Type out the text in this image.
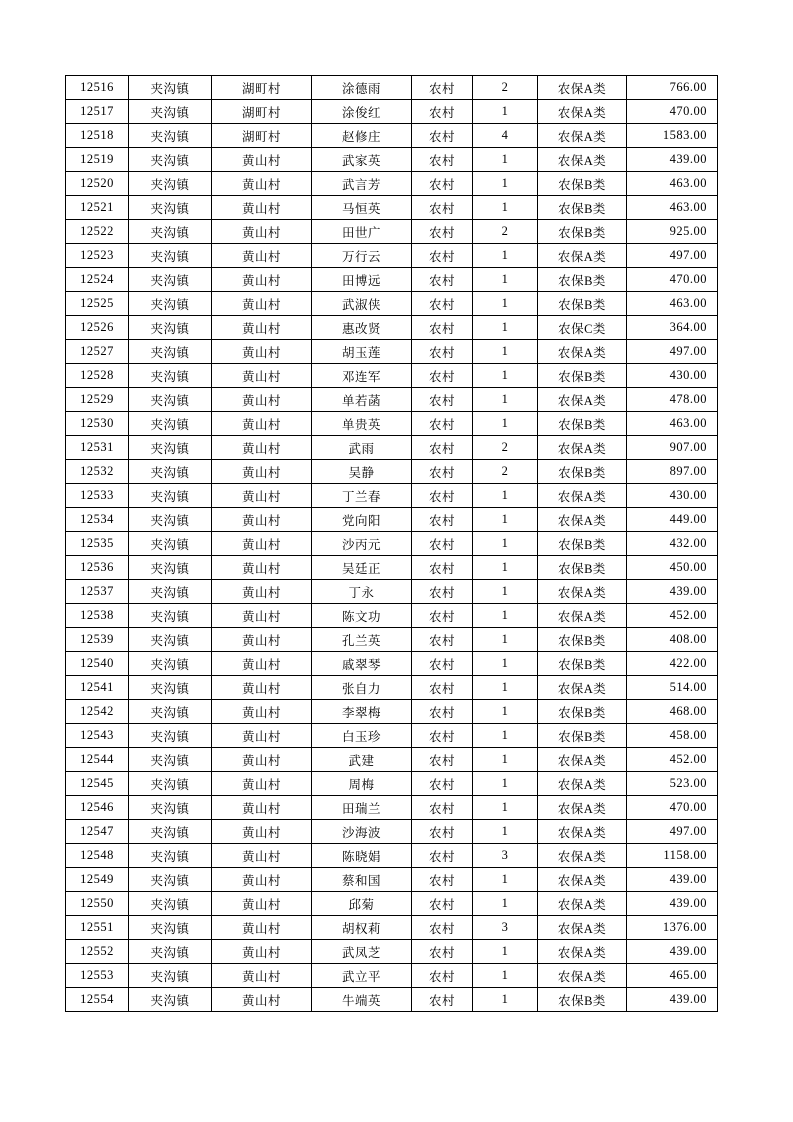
12516	夹沟镇	湖町村	涂德雨	农村	2	农保A类	766.00
12517	夹沟镇	湖町村	涂俊红	农村	1	农保A类	470.00
12518	夹沟镇	湖町村	赵修庄	农村	4	农保A类	1583.00
12519	夹沟镇	黄山村	武家英	农村	1	农保A类	439.00
12520	夹沟镇	黄山村	武言芳	农村	1	农保B类	463.00
12521	夹沟镇	黄山村	马恒英	农村	1	农保B类	463.00
12522	夹沟镇	黄山村	田世广	农村	2	农保B类	925.00
12523	夹沟镇	黄山村	万行云	农村	1	农保A类	497.00
12524	夹沟镇	黄山村	田博远	农村	1	农保B类	470.00
12525	夹沟镇	黄山村	武淑侠	农村	1	农保B类	463.00
12526	夹沟镇	黄山村	惠改贤	农村	1	农保C类	364.00
12527	夹沟镇	黄山村	胡玉莲	农村	1	农保A类	497.00
12528	夹沟镇	黄山村	邓连军	农村	1	农保B类	430.00
12529	夹沟镇	黄山村	单若菡	农村	1	农保A类	478.00
12530	夹沟镇	黄山村	单贵英	农村	1	农保B类	463.00
12531	夹沟镇	黄山村	武雨	农村	2	农保A类	907.00
12532	夹沟镇	黄山村	吴静	农村	2	农保B类	897.00
12533	夹沟镇	黄山村	丁兰春	农村	1	农保A类	430.00
12534	夹沟镇	黄山村	党向阳	农村	1	农保A类	449.00
12535	夹沟镇	黄山村	沙丙元	农村	1	农保B类	432.00
12536	夹沟镇	黄山村	吴廷正	农村	1	农保B类	450.00
12537	夹沟镇	黄山村	丁永	农村	1	农保A类	439.00
12538	夹沟镇	黄山村	陈文功	农村	1	农保A类	452.00
12539	夹沟镇	黄山村	孔兰英	农村	1	农保B类	408.00
12540	夹沟镇	黄山村	戚翠琴	农村	1	农保B类	422.00
12541	夹沟镇	黄山村	张自力	农村	1	农保A类	514.00
12542	夹沟镇	黄山村	李翠梅	农村	1	农保B类	468.00
12543	夹沟镇	黄山村	白玉珍	农村	1	农保B类	458.00
12544	夹沟镇	黄山村	武建	农村	1	农保A类	452.00
12545	夹沟镇	黄山村	周梅	农村	1	农保A类	523.00
12546	夹沟镇	黄山村	田瑞兰	农村	1	农保A类	470.00
12547	夹沟镇	黄山村	沙海波	农村	1	农保A类	497.00
12548	夹沟镇	黄山村	陈晓娟	农村	3	农保A类	1158.00
12549	夹沟镇	黄山村	蔡和国	农村	1	农保A类	439.00
12550	夹沟镇	黄山村	邱菊	农村	1	农保A类	439.00
12551	夹沟镇	黄山村	胡权莉	农村	3	农保A类	1376.00
12552	夹沟镇	黄山村	武凤芝	农村	1	农保A类	439.00
12553	夹沟镇	黄山村	武立平	农村	1	农保A类	465.00
12554	夹沟镇	黄山村	牛端英	农村	1	农保B类	439.00
